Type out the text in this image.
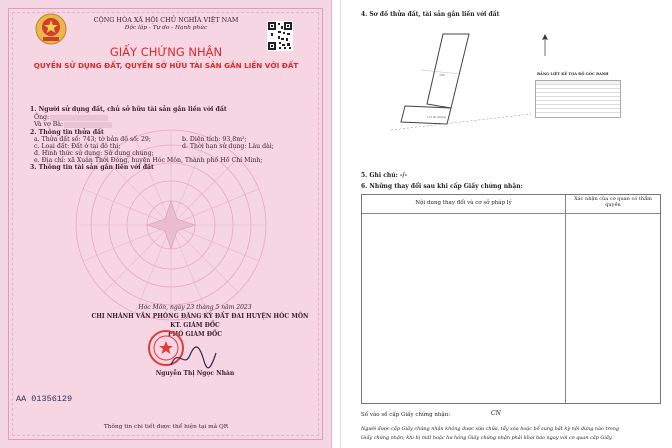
CỘNG HÒA XÃ HỘI CHỦ NGHĨA VIỆT NAM
Độc lập - Tự do - Hạnh phúc
GIẤY CHỨNG NHẬN
QUYỀN SỬ DỤNG ĐẤT, QUYỀN SỞ HỮU TÀI SẢN GẮN LIỀN VỚI ĐẤT
1. Người sử dụng đất, chủ sở hữu tài sản gắn liền với đất
Ông:
Và vợ Bà:
2. Thông tin thửa đất
a. Thửa đất số: 743; tờ bản đồ số: 29;	b. Diện tích: 93,8m²;
c. Loại đất: Đất ở tại đô thị;	d. Thời hạn sử dụng: Lâu dài;
đ. Hình thức sử dụng: Sử dụng chung;
e. Địa chỉ: xã Xuân Thới Đông, huyện Hóc Môn, Thành phố Hồ Chí Minh;
3. Thông tin tài sản gắn liền với đất
Hóc Môn, ngày 23 tháng 5 năm 2023
CHI NHÁNH VĂN PHÒNG ĐĂNG KÝ ĐẤT ĐAI HUYỆN HÓC MÔN
KT. GIÁM ĐỐC
PHÓ GIÁM ĐỐC
Nguyễn Thị Ngọc Nhàn
AA 01356129
Thông tin chi tiết được thể hiện tại mã QR
4. Sơ đồ thửa đất, tài sản gắn liền với đất
Lối đi chung
743	BẢNG LIỆT KÊ TỌA ĐỘ GÓC RANH
5. Ghi chú: -/-
6. Những thay đổi sau khi cấp Giấy chứng nhận:
Nội dung thay đổi và cơ sở pháp lý
Xác nhận của cơ quan có thẩm quyền
Số vào sổ cấp Giấy chứng nhận:	CN
Người được cấp Giấy chứng nhận không được sửa chữa, tẩy xóa hoặc bổ sung bất kỳ nội dung nào trong
Giấy chứng nhận; khi bị mất hoặc hư hỏng Giấy chứng nhận phải khai báo ngay với cơ quan cấp Giấy.
